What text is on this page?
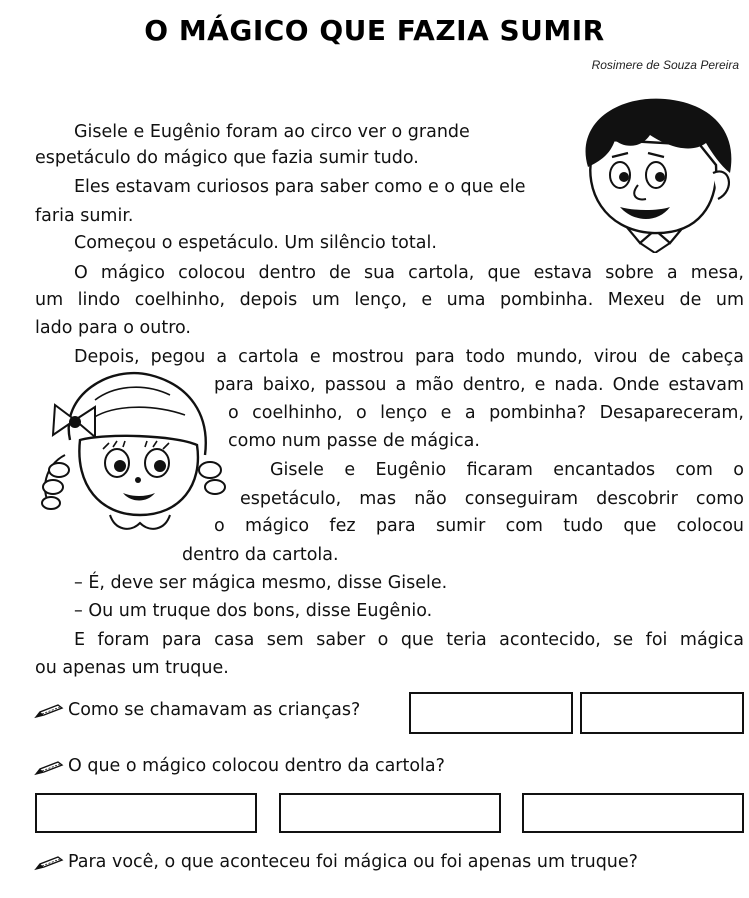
O MÁGICO QUE FAZIA SUMIR
Rosimere de Souza Pereira
Gisele e Eugênio foram ao circo ver o grande
espetáculo do mágico que fazia sumir tudo.
Eles estavam curiosos para saber como e o que ele
faria sumir.
Começou o espetáculo. Um silêncio total.
O mágico colocou dentro de sua cartola, que estava sobre a mesa,
um lindo coelhinho, depois um lenço, e uma pombinha. Mexeu de um
lado para o outro.
Depois, pegou a cartola e mostrou para todo mundo, virou de cabeça
para baixo, passou a mão dentro, e nada. Onde estavam
o coelhinho, o lenço e a pombinha? Desapareceram,
como num passe de mágica.
Gisele e Eugênio ficaram encantados com o
espetáculo, mas não conseguiram descobrir como
o mágico fez para sumir com tudo que colocou
dentro da cartola.
– É, deve ser mágica mesmo, disse Gisele.
– Ou um truque dos bons, disse Eugênio.
E foram para casa sem saber o que teria acontecido, se foi mágica
ou apenas um truque.
Como se chamavam as crianças?
O que o mágico colocou dentro da cartola?
Para você, o que aconteceu foi mágica ou foi apenas um truque?
